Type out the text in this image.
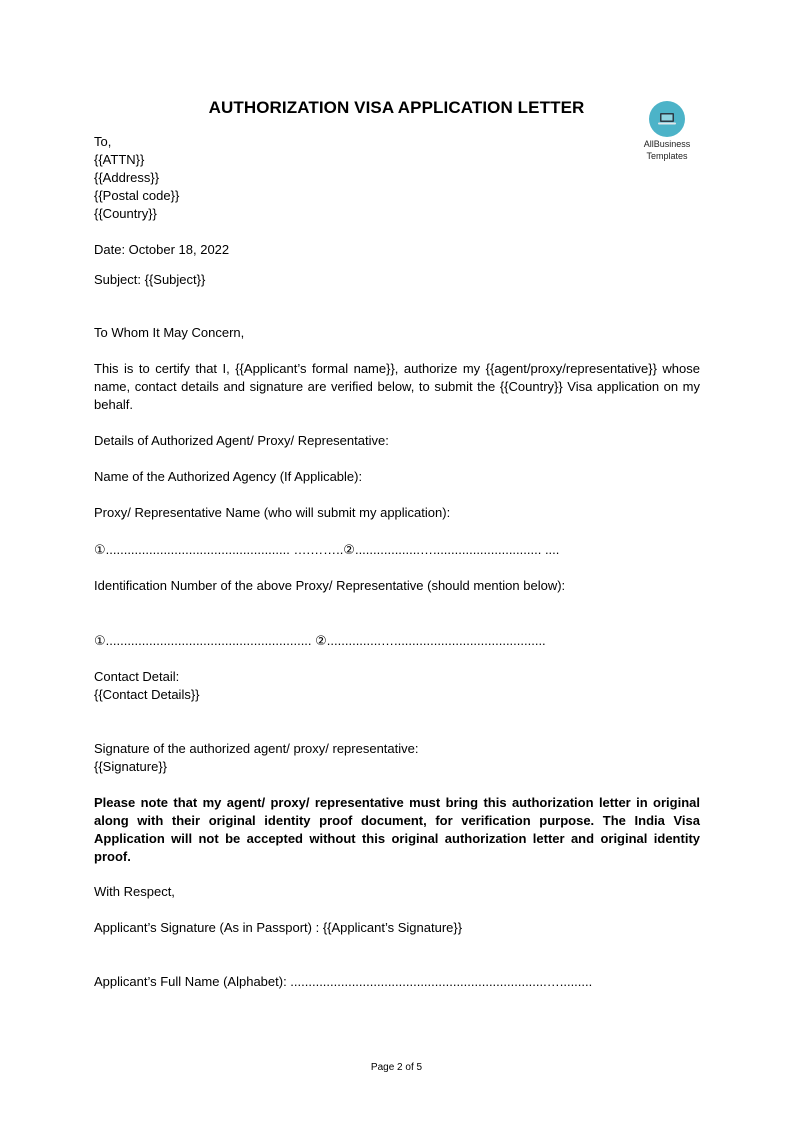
AUTHORIZATION VISA APPLICATION LETTER
AllBusiness
Templates
To,
{{ATTN}}
{{Address}}
{{Postal code}}
{{Country}}
Date: October 18, 2022
Subject: {{Subject}}
To Whom It May Concern,
This is to certify that I, {{Applicant’s formal name}}, authorize my {{agent/proxy/representative}} whose name, contact details and signature are verified below, to submit the {{Country}} Visa application on my behalf.
Details of Authorized Agent/ Proxy/ Representative:
Name of the Authorized Agency (If Applicable):
Proxy/ Representative Name (who will submit my application):
①................................................... ….……..②..................….............................. ....
Identification Number of the above Proxy/ Representative (should mention below):
①......................................................... ②...............…..........................................
Contact Detail:
{{Contact Details}}
Signature of the authorized agent/ proxy/ representative:
{{Signature}}
Please note that my agent/ proxy/ representative must bring this authorization letter in original along with their original identity proof document, for verification purpose. The India Visa Application will not be accepted without this original authorization letter and original identity proof.
With Respect,
Applicant’s Signature (As in Passport) : {{Applicant’s Signature}}
Applicant’s Full Name (Alphabet): .......................................................................….........
Page 2 of 5
